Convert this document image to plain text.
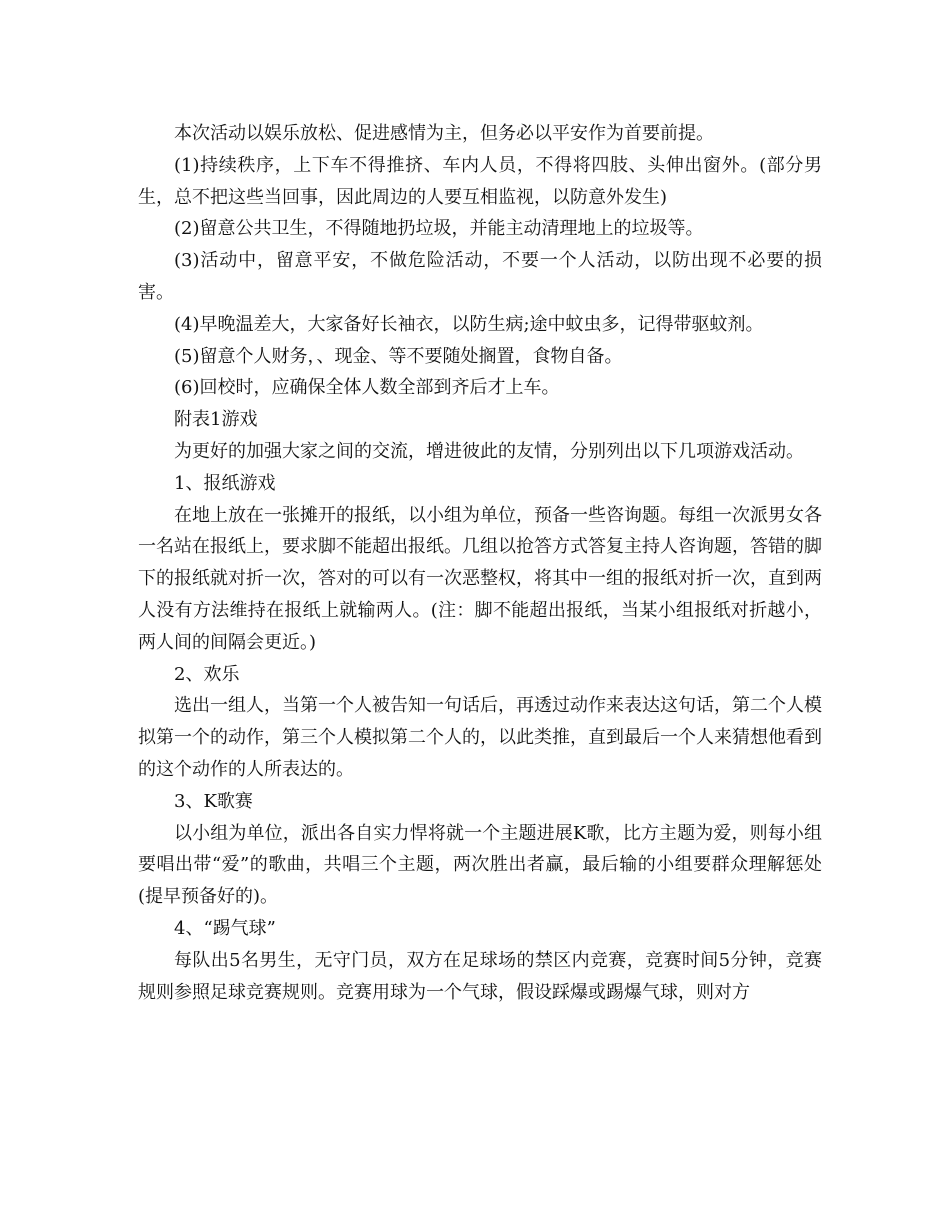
本次活动以娱乐放松、促进感情为主，但务必以平安作为首要前提。

(1)持续秩序，上下车不得推挤、车内人员，不得将四肢、头伸出窗外。(部分男生，总不把这些当回事，因此周边的人要互相监视，以防意外发生)

(2)留意公共卫生，不得随地扔垃圾，并能主动清理地上的垃圾等。

(3)活动中，留意平安，不做危险活动，不要一个人活动，以防出现不必要的损害。

(4)早晚温差大，大家备好长袖衣，以防生病;途中蚊虫多，记得带驱蚊剂。

(5)留意个人财务，、现金、等不要随处搁置，食物自备。

(6)回校时，应确保全体人数全部到齐后才上车。

附表1游戏

为更好的加强大家之间的交流，增进彼此的友情，分别列出以下几项游戏活动。

1、报纸游戏

在地上放在一张摊开的报纸，以小组为单位，预备一些咨询题。每组一次派男女各一名站在报纸上，要求脚不能超出报纸。几组以抢答方式答复主持人咨询题，答错的脚下的报纸就对折一次，答对的可以有一次恶整权，将其中一组的报纸对折一次，直到两人没有方法维持在报纸上就输两人。(注：脚不能超出报纸，当某小组报纸对折越小，两人间的间隔会更近。)

2、欢乐

选出一组人，当第一个人被告知一句话后，再透过动作来表达这句话，第二个人模拟第一个的动作，第三个人模拟第二个人的，以此类推，直到最后一个人来猜想他看到的这个动作的人所表达的。

3、K歌赛

以小组为单位，派出各自实力悍将就一个主题进展K歌，比方主题为爱，则每小组要唱出带“爱”的歌曲，共唱三个主题，两次胜出者赢，最后输的小组要群众理解惩处(提早预备好的)。

4、“踢气球”

每队出5名男生，无守门员，双方在足球场的禁区内竞赛，竞赛时间5分钟，竞赛规则参照足球竞赛规则。竞赛用球为一个气球，假设踩爆或踢爆气球，则对方
